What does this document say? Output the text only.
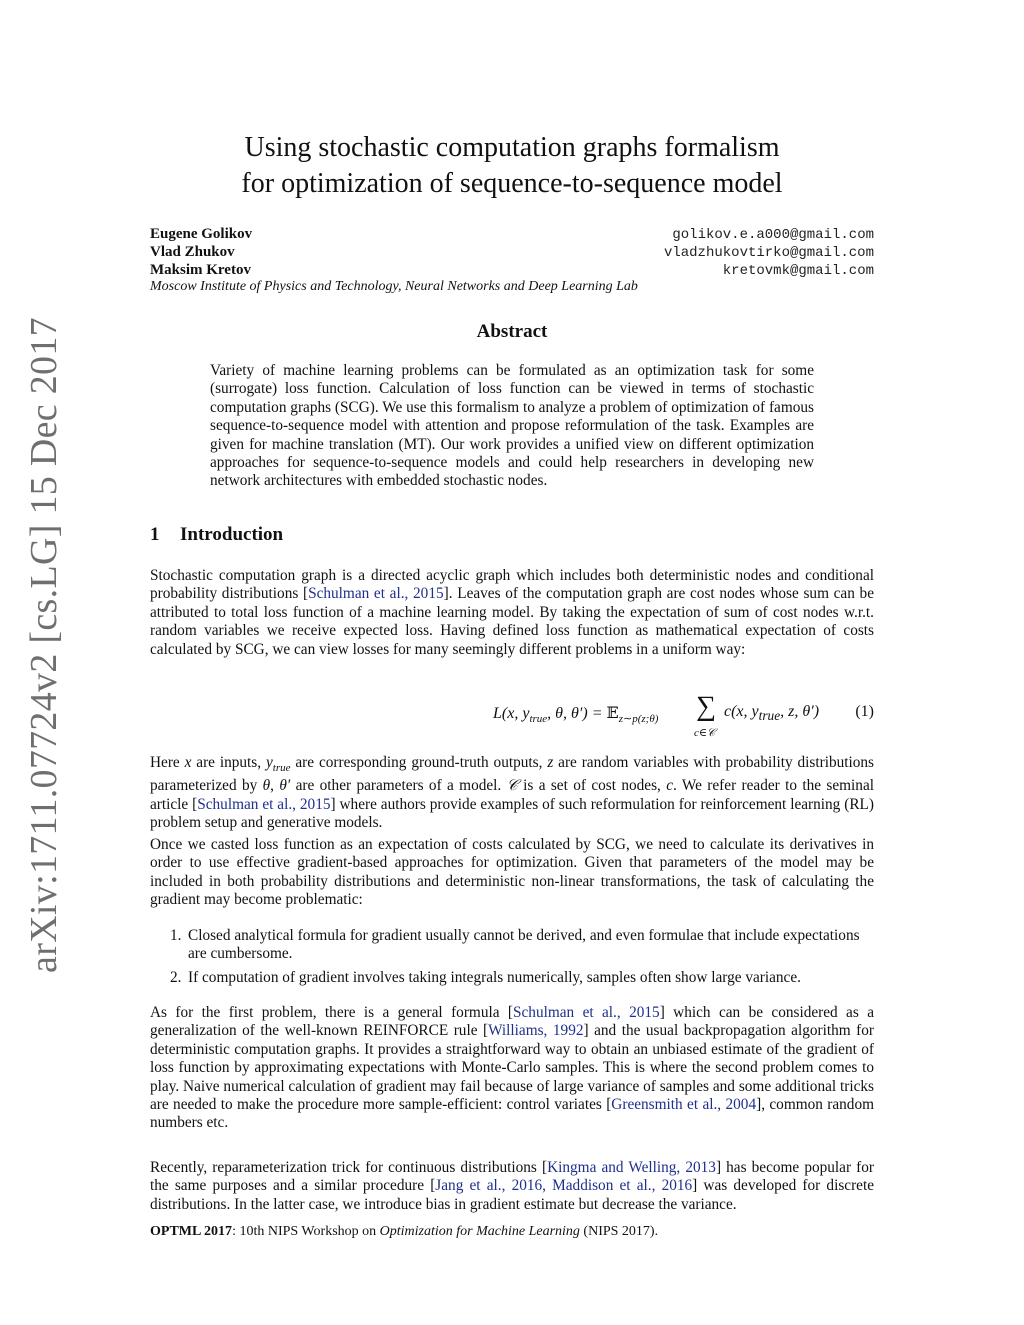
arXiv:1711.07724v2 [cs.LG] 15 Dec 2017
Using stochastic computation graphs formalism
for optimization of sequence-to-sequence model
Eugene Golikov	golikov.e.a000@gmail.com
Vlad Zhukov	vladzhukovtirko@gmail.com
Maksim Kretov	kretovmk@gmail.com
Moscow Institute of Physics and Technology, Neural Networks and Deep Learning Lab
Abstract
Variety of machine learning problems can be formulated as an optimization task for some (surrogate) loss function. Calculation of loss function can be viewed in terms of stochastic computation graphs (SCG). We use this formalism to analyze a problem of optimization of famous sequence-to-sequence model with attention and propose reformulation of the task. Examples are given for machine translation (MT). Our work provides a unified view on different optimization approaches for sequence-to-sequence models and could help researchers in developing new network architectures with embedded stochastic nodes.
1 Introduction

Stochastic computation graph is a directed acyclic graph which includes both deterministic nodes and conditional probability distributions [Schulman et al., 2015]. Leaves of the computation graph are cost nodes whose sum can be attributed to total loss function of a machine learning model. By taking the expectation of sum of cost nodes w.r.t. random variables we receive expected loss. Having defined loss function as mathematical expectation of costs calculated by SCG, we can view losses for many seemingly different problems in a uniform way:

L(x, $y_{true}$, θ, θ′) = 𝔼$_{z\sim p(z;\theta)}$ ∑
c∈𝒞
c(x, $y_{true}$, z, θ′) (1)

Here x are inputs, $y_{true}$ are corresponding ground-truth outputs, z are random variables with probability distributions parameterized by θ, θ′ are other parameters of a model. 𝒞 is a set of cost nodes, c. We refer reader to the seminal article [Schulman et al., 2015] where authors provide examples of such reformulation for reinforcement learning (RL) problem setup and generative models.

Once we casted loss function as an expectation of costs calculated by SCG, we need to calculate its derivatives in order to use effective gradient-based approaches for optimization. Given that parameters of the model may be included in both probability distributions and deterministic non-linear transformations, the task of calculating the gradient may become problematic:

1. Closed analytical formula for gradient usually cannot be derived, and even formulae that include expectations are cumbersome.
2. If computation of gradient involves taking integrals numerically, samples often show large variance.

As for the first problem, there is a general formula [Schulman et al., 2015] which can be considered as a generalization of the well-known REINFORCE rule [Williams, 1992] and the usual backpropagation algorithm for deterministic computation graphs. It provides a straightforward way to obtain an unbiased estimate of the gradient of loss function by approximating expectations with Monte-Carlo samples. This is where the second problem comes to play. Naive numerical calculation of gradient may fail because of large variance of samples and some additional tricks are needed to make the procedure more sample-efficient: control variates [Greensmith et al., 2004], common random numbers etc.

Recently, reparameterization trick for continuous distributions [Kingma and Welling, 2013] has become popular for the same purposes and a similar procedure [Jang et al., 2016, Maddison et al., 2016] was developed for discrete distributions. In the latter case, we introduce bias in gradient estimate but decrease the variance.

OPTML 2017: 10th NIPS Workshop on Optimization for Machine Learning (NIPS 2017).
